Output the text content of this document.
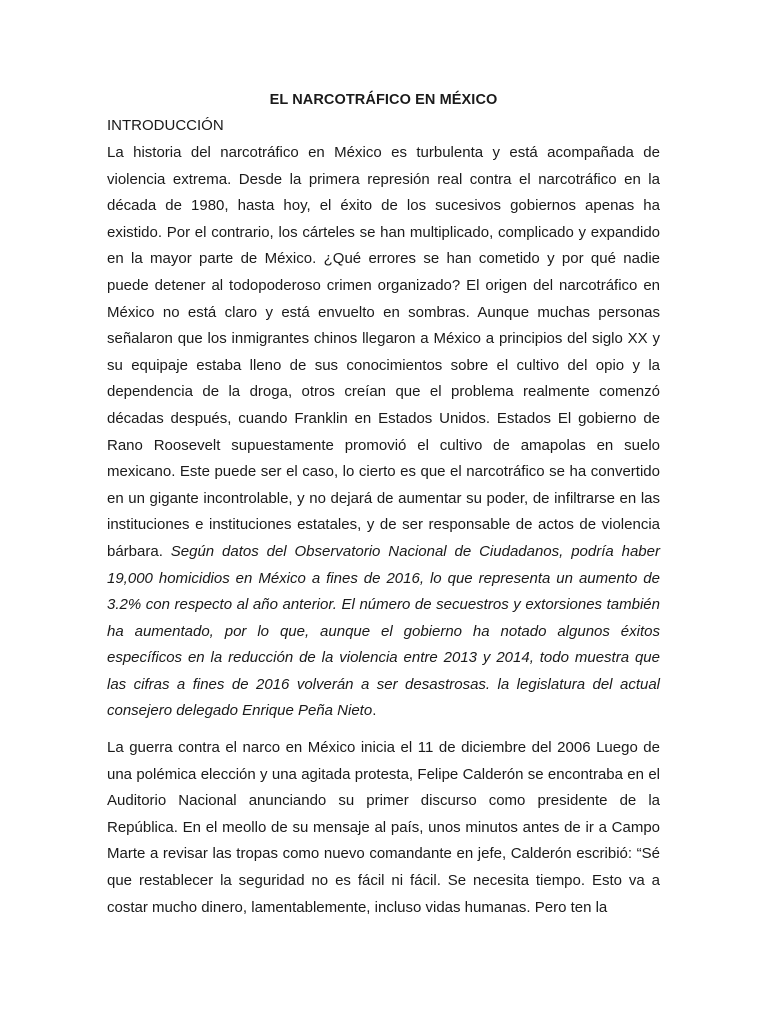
EL NARCOTRÁFICO EN MÉXICO
INTRODUCCIÓN

La historia del narcotráfico en México es turbulenta y está acompañada de violencia extrema. Desde la primera represión real contra el narcotráfico en la década de 1980, hasta hoy, el éxito de los sucesivos gobiernos apenas ha existido. Por el contrario, los cárteles se han multiplicado, complicado y expandido en la mayor parte de México. ¿Qué errores se han cometido y por qué nadie puede detener al todopoderoso crimen organizado? El origen del narcotráfico en México no está claro y está envuelto en sombras. Aunque muchas personas señalaron que los inmigrantes chinos llegaron a México a principios del siglo XX y su equipaje estaba lleno de sus conocimientos sobre el cultivo del opio y la dependencia de la droga, otros creían que el problema realmente comenzó décadas después, cuando Franklin en Estados Unidos. Estados El gobierno de Rano Roosevelt supuestamente promovió el cultivo de amapolas en suelo mexicano. Este puede ser el caso, lo cierto es que el narcotráfico se ha convertido en un gigante incontrolable, y no dejará de aumentar su poder, de infiltrarse en las instituciones e instituciones estatales, y de ser responsable de actos de violencia bárbara. Según datos del Observatorio Nacional de Ciudadanos, podría haber 19,000 homicidios en México a fines de 2016, lo que representa un aumento de 3.2% con respecto al año anterior. El número de secuestros y extorsiones también ha aumentado, por lo que, aunque el gobierno ha notado algunos éxitos específicos en la reducción de la violencia entre 2013 y 2014, todo muestra que las cifras a fines de 2016 volverán a ser desastrosas. la legislatura del actual consejero delegado Enrique Peña Nieto.

La guerra contra el narco en México inicia el 11 de diciembre del 2006 Luego de una polémica elección y una agitada protesta, Felipe Calderón se encontraba en el Auditorio Nacional anunciando su primer discurso como presidente de la República. En el meollo de su mensaje al país, unos minutos antes de ir a Campo Marte a revisar las tropas como nuevo comandante en jefe, Calderón escribió: “Sé que restablecer la seguridad no es fácil ni fácil. Se necesita tiempo. Esto va a costar mucho dinero, lamentablemente, incluso vidas humanas. Pero ten la
